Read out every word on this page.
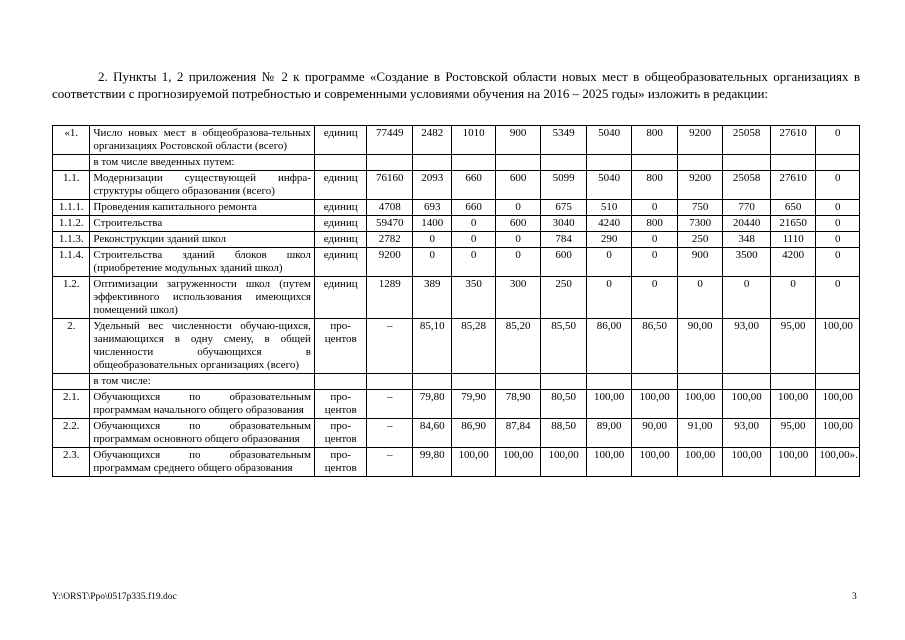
2. Пункты 1, 2 приложения № 2 к программе «Создание в Ростовской области новых мест в общеобразовательных организациях в соответствии с прогнозируемой потребностью и современными условиями обучения на 2016 – 2025 годы» изложить в редакции:
«1.	Число новых мест в общеобразова-тельных организациях Ростовской области (всего)	единиц	77449	2482	1010	900	5349	5040	800	9200	25058	27610	0
	в том числе введенных путем:												
1.1.	Модернизации существующей инфра-структуры общего образования (всего)	единиц	76160	2093	660	600	5099	5040	800	9200	25058	27610	0
1.1.1.	Проведения капитального ремонта	единиц	4708	693	660	0	675	510	0	750	770	650	0
1.1.2.	Строительства	единиц	59470	1400	0	600	3040	4240	800	7300	20440	21650	0
1.1.3.	Реконструкции зданий школ	единиц	2782	0	0	0	784	290	0	250	348	1110	0
1.1.4.	Строительства зданий блоков школ (приобретение модульных зданий школ)	единиц	9200	0	0	0	600	0	0	900	3500	4200	0
1.2.	Оптимизации загруженности школ (путем эффективного использования имеющихся помещений школ)	единиц	1289	389	350	300	250	0	0	0	0	0	0
2.	Удельный вес численности обучаю-щихся, занимающихся в одну смену, в общей численности обучающихся в общеобразовательных организациях (всего)	про-центов	–	85,10	85,28	85,20	85,50	86,00	86,50	90,00	93,00	95,00	100,00
	в том числе:												
2.1.	Обучающихся по образовательным программам начального общего образования	про-центов	–	79,80	79,90	78,90	80,50	100,00	100,00	100,00	100,00	100,00	100,00
2.2.	Обучающихся по образовательным программам основного общего образования	про-центов	–	84,60	86,90	87,84	88,50	89,00	90,00	91,00	93,00	95,00	100,00
2.3.	Обучающихся по образовательным программам среднего общего образования	про-центов	–	99,80	100,00	100,00	100,00	100,00	100,00	100,00	100,00	100,00	100,00».
Y:\ORST\Ppo\0517p335.f19.doc	3
